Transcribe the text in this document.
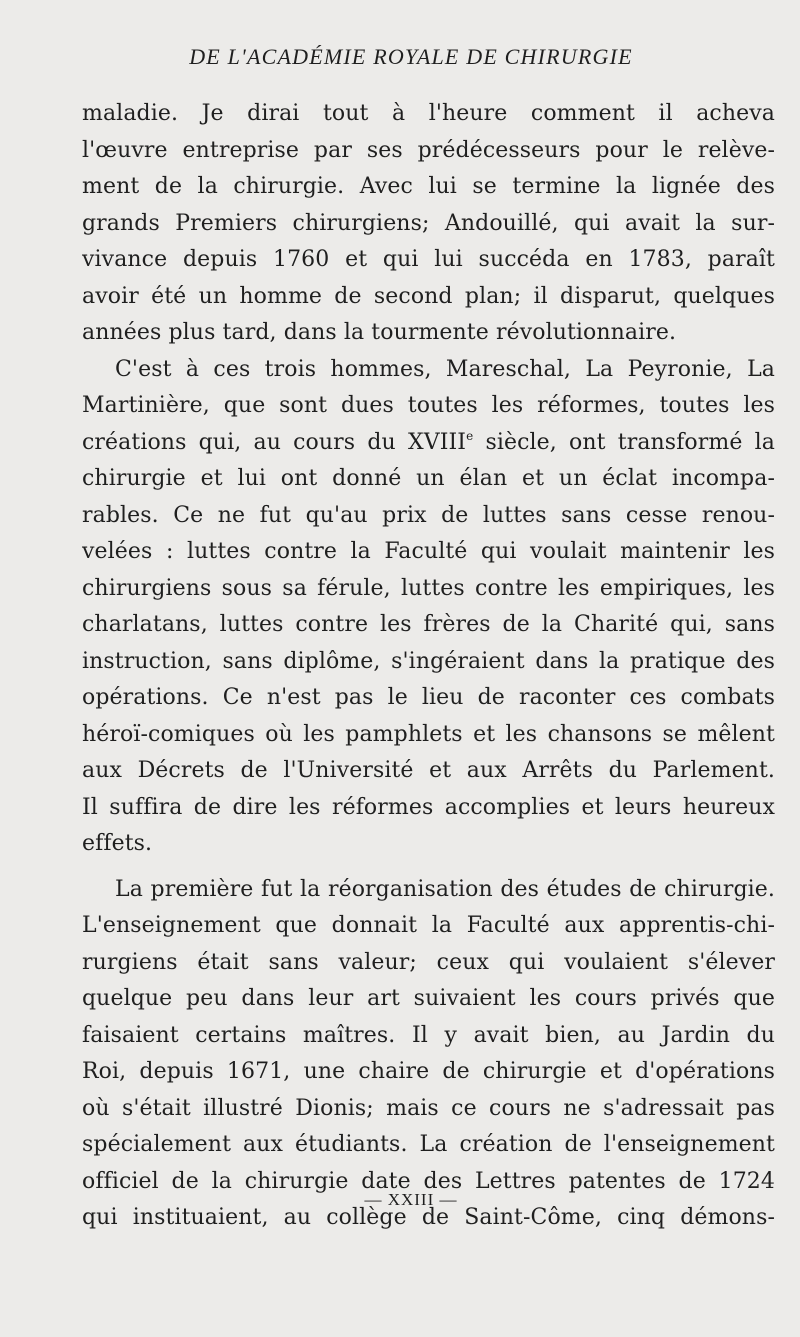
DE L'ACADÉMIE ROYALE DE CHIRURGIE
maladie. Je dirai tout à l'heure comment il acheva
l'œuvre entreprise par ses prédécesseurs pour le relève-
ment de la chirurgie. Avec lui se termine la lignée des
grands Premiers chirurgiens; Andouillé, qui avait la sur-
vivance depuis 1760 et qui lui succéda en 1783, paraît
avoir été un homme de second plan; il disparut, quelques
années plus tard, dans la tourmente révolutionnaire.
C'est à ces trois hommes, Mareschal, La Peyronie, La
Martinière, que sont dues toutes les réformes, toutes les
créations qui, au cours du XVIIIe siècle, ont transformé la
chirurgie et lui ont donné un élan et un éclat incompa-
rables. Ce ne fut qu'au prix de luttes sans cesse renou-
velées : luttes contre la Faculté qui voulait maintenir les
chirurgiens sous sa férule, luttes contre les empiriques, les
charlatans, luttes contre les frères de la Charité qui, sans
instruction, sans diplôme, s'ingéraient dans la pratique des
opérations. Ce n'est pas le lieu de raconter ces combats
héroï-comiques où les pamphlets et les chansons se mêlent
aux Décrets de l'Université et aux Arrêts du Parlement.
Il suffira de dire les réformes accomplies et leurs heureux
effets.
La première fut la réorganisation des études de chirurgie.
L'enseignement que donnait la Faculté aux apprentis-chi-
rurgiens était sans valeur; ceux qui voulaient s'élever
quelque peu dans leur art suivaient les cours privés que
faisaient certains maîtres. Il y avait bien, au Jardin du
Roi, depuis 1671, une chaire de chirurgie et d'opérations
où s'était illustré Dionis; mais ce cours ne s'adressait pas
spécialement aux étudiants. La création de l'enseignement
officiel de la chirurgie date des Lettres patentes de 1724
qui instituaient, au collège de Saint-Côme, cinq démons-
— XXIII —
